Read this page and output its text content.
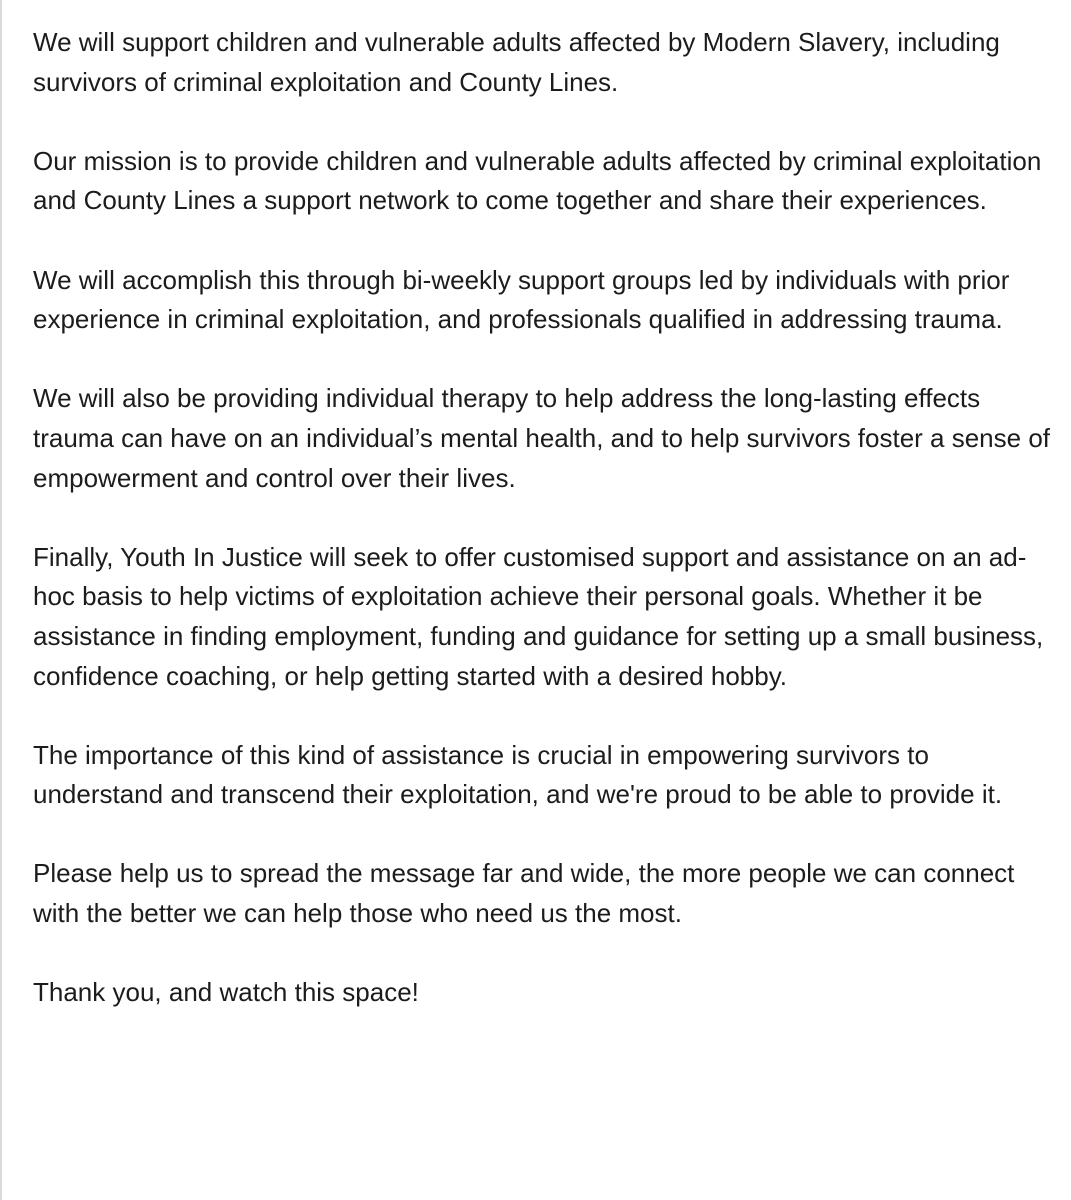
We will support children and vulnerable adults affected by Modern Slavery, including survivors of criminal exploitation and County Lines.

Our mission is to provide children and vulnerable adults affected by criminal exploitation and County Lines a support network to come together and share their experiences.

We will accomplish this through bi-weekly support groups led by individuals with prior experience in criminal exploitation, and professionals qualified in addressing trauma.

We will also be providing individual therapy to help address the long-lasting effects trauma can have on an individual’s mental health, and to help survivors foster a sense of empowerment and control over their lives.

Finally, Youth In Justice will seek to offer customised support and assistance on an ad-hoc basis to help victims of exploitation achieve their personal goals. Whether it be assistance in finding employment, funding and guidance for setting up a small business, confidence coaching, or help getting started with a desired hobby.

The importance of this kind of assistance is crucial in empowering survivors to understand and transcend their exploitation, and we're proud to be able to provide it.

Please help us to spread the message far and wide, the more people we can connect with the better we can help those who need us the most.

Thank you, and watch this space!
